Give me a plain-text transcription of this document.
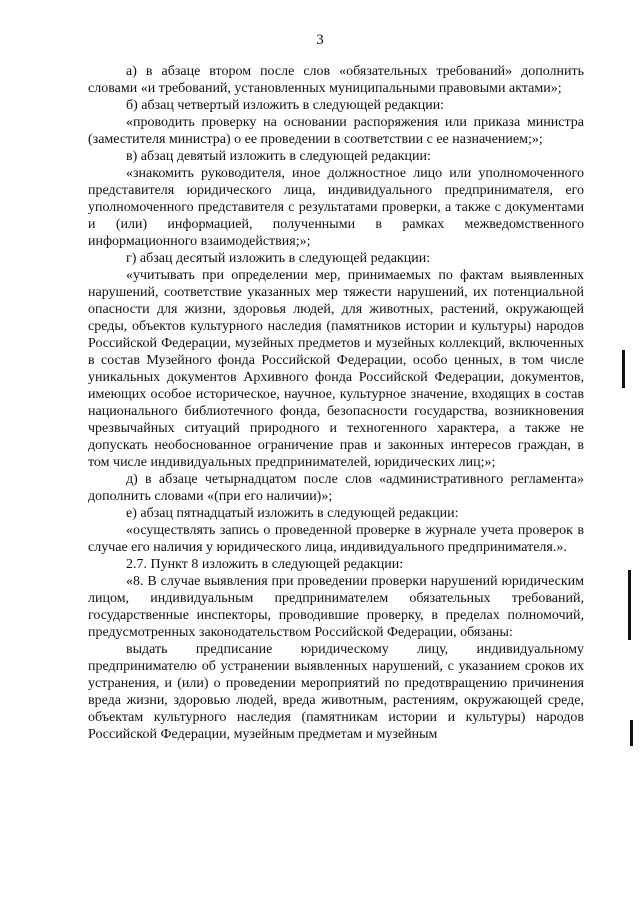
3

а) в абзаце втором после слов «обязательных требований» дополнить словами «и требований, установленных муниципальными правовыми актами»;

б) абзац четвертый изложить в следующей редакции:

«проводить проверку на основании распоряжения или приказа министра (заместителя министра) о ее проведении в соответствии с ее назначением;»;

в) абзац девятый изложить в следующей редакции:

«знакомить руководителя, иное должностное лицо или уполномоченного представителя юридического лица, индивидуального предпринимателя, его уполномоченного представителя с результатами проверки, а также с документами и (или) информацией, полученными в рамках межведомственного информационного взаимодействия;»;

г) абзац десятый изложить в следующей редакции:

«учитывать при определении мер, принимаемых по фактам выявленных нарушений, соответствие указанных мер тяжести нарушений, их потенциальной опасности для жизни, здоровья людей, для животных, растений, окружающей среды, объектов культурного наследия (памятников истории и культуры) народов Российской Федерации, музейных предметов и музейных коллекций, включенных в состав Музейного фонда Российской Федерации, особо ценных, в том числе уникальных документов Архивного фонда Российской Федерации, документов, имеющих особое историческое, научное, культурное значение, входящих в состав национального библиотечного фонда, безопасности государства, возникновения чрезвычайных ситуаций природного и техногенного характера, а также не допускать необоснованное ограничение прав и законных интересов граждан, в том числе индивидуальных предпринимателей, юридических лиц;»;

д) в абзаце четырнадцатом после слов «административного регламента» дополнить словами «(при его наличии)»;

е) абзац пятнадцатый изложить в следующей редакции:

«осуществлять запись о проведенной проверке в журнале учета проверок в случае его наличия у юридического лица, индивидуального предпринимателя.».

2.7. Пункт 8 изложить в следующей редакции:

«8. В случае выявления при проведении проверки нарушений юридическим лицом, индивидуальным предпринимателем обязательных требований, государственные инспекторы, проводившие проверку, в пределах полномочий, предусмотренных законодательством Российской Федерации, обязаны:

выдать предписание юридическому лицу, индивидуальному предпринимателю об устранении выявленных нарушений, с указанием сроков их устранения, и (или) о проведении мероприятий по предотвращению причинения вреда жизни, здоровью людей, вреда животным, растениям, окружающей среде, объектам культурного наследия (памятникам истории и культуры) народов Российской Федерации, музейным предметам и музейным
